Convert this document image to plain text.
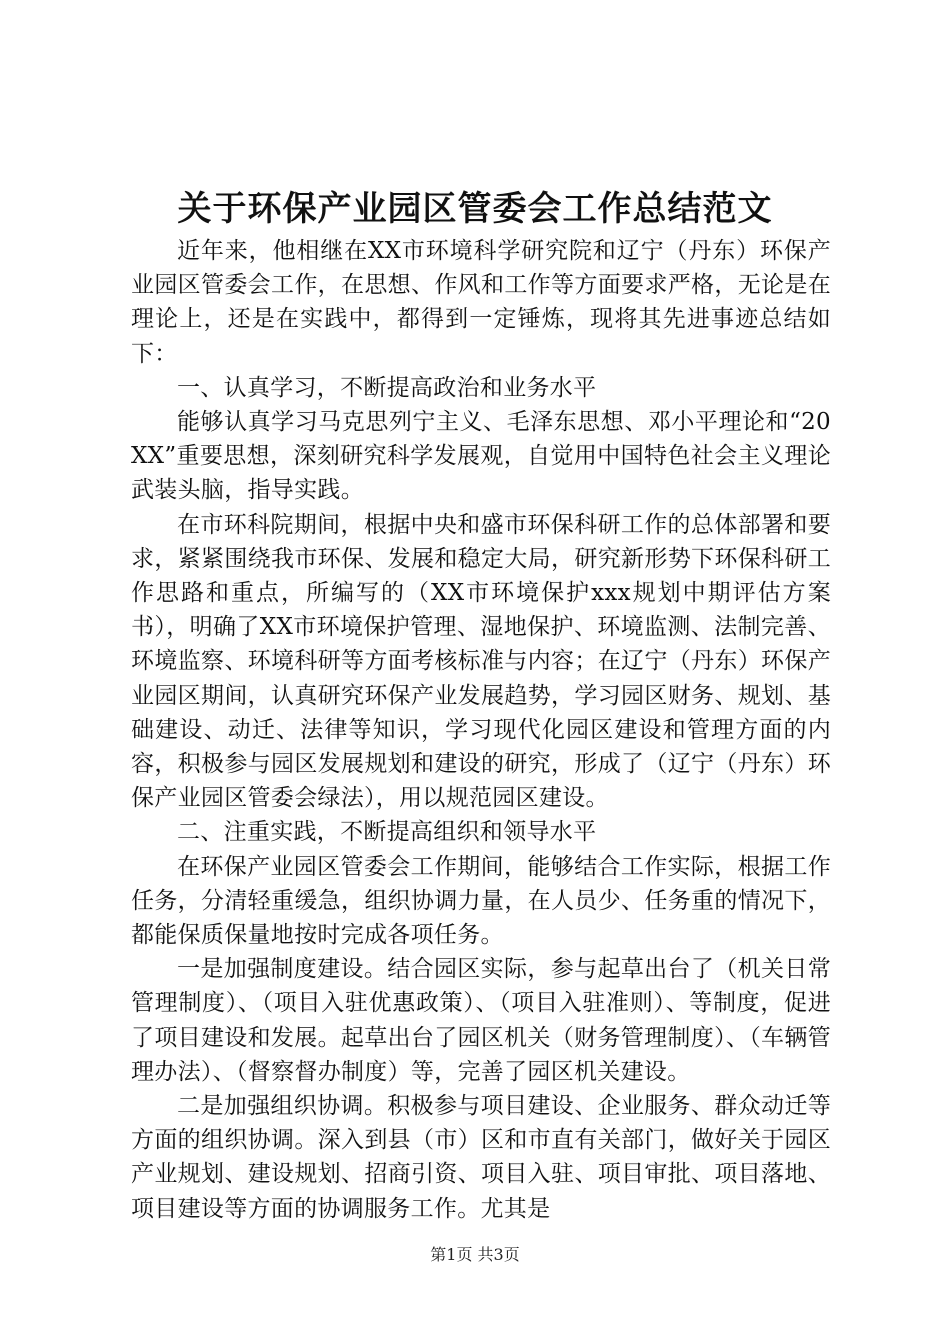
关于环保产业园区管委会工作总结范文

近年来，他相继在XX市环境科学研究院和辽宁（丹东）环保产业园区管委会工作，在思想、作风和工作等方面要求严格，无论是在理论上，还是在实践中，都得到一定锤炼，现将其先进事迹总结如下：

一、认真学习，不断提高政治和业务水平

能够认真学习马克思列宁主义、毛泽东思想、邓小平理论和“20XX”重要思想，深刻研究科学发展观，自觉用中国特色社会主义理论武装头脑，指导实践。

在市环科院期间，根据中央和盛市环保科研工作的总体部署和要求，紧紧围绕我市环保、发展和稳定大局，研究新形势下环保科研工作思路和重点，所编写的（XX市环境保护xxx规划中期评估方案书），明确了XX市环境保护管理、湿地保护、环境监测、法制完善、环境监察、环境科研等方面考核标准与内容；在辽宁（丹东）环保产业园区期间，认真研究环保产业发展趋势，学习园区财务、规划、基础建设、动迁、法律等知识，学习现代化园区建设和管理方面的内容，积极参与园区发展规划和建设的研究，形成了（辽宁（丹东）环保产业园区管委会绿法），用以规范园区建设。

二、注重实践，不断提高组织和领导水平

在环保产业园区管委会工作期间，能够结合工作实际，根据工作任务，分清轻重缓急，组织协调力量，在人员少、任务重的情况下，都能保质保量地按时完成各项任务。

一是加强制度建设。结合园区实际，参与起草出台了（机关日常管理制度）、（项目入驻优惠政策）、（项目入驻准则）、等制度，促进了项目建设和发展。起草出台了园区机关（财务管理制度）、（车辆管理办法）、（督察督办制度）等，完善了园区机关建设。

二是加强组织协调。积极参与项目建设、企业服务、群众动迁等方面的组织协调。深入到县（市）区和市直有关部门，做好关于园区产业规划、建设规划、招商引资、项目入驻、项目审批、项目落地、项目建设等方面的协调服务工作。尤其是

第1页 共3页
